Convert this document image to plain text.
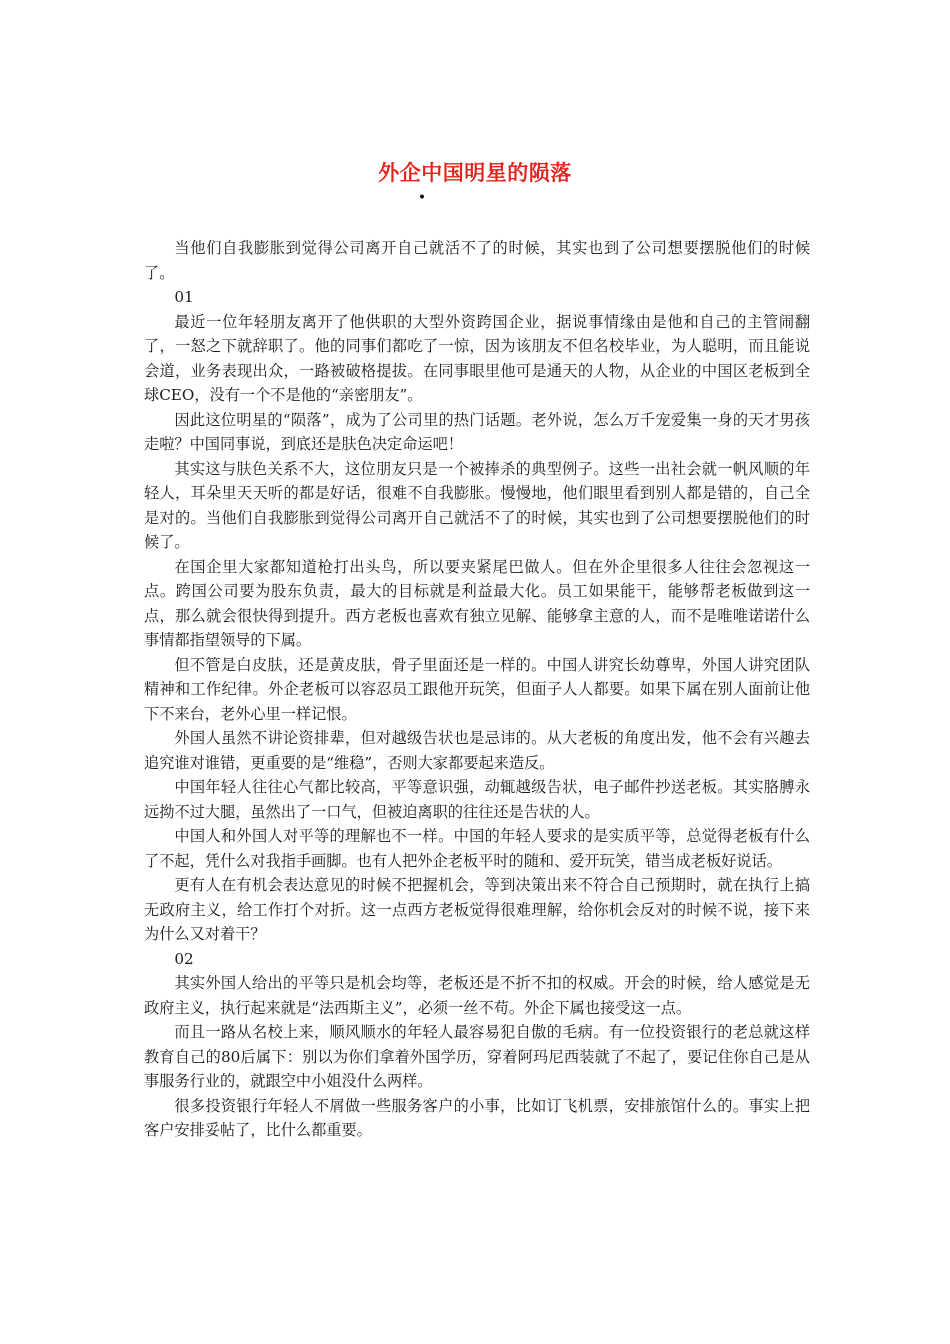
外企中国明星的陨落
•

当他们自我膨胀到觉得公司离开自己就活不了的时候，其实也到了公司想要摆脱他们的时候了。

01

最近一位年轻朋友离开了他供职的大型外资跨国企业，据说事情缘由是他和自己的主管闹翻了，一怒之下就辞职了。他的同事们都吃了一惊，因为该朋友不但名校毕业，为人聪明，而且能说会道，业务表现出众，一路被破格提拔。在同事眼里他可是通天的人物，从企业的中国区老板到全球CEO，没有一个不是他的“亲密朋友”。

因此这位明星的“陨落”，成为了公司里的热门话题。老外说，怎么万千宠爱集一身的天才男孩走啦？中国同事说，到底还是肤色决定命运吧！

其实这与肤色关系不大，这位朋友只是一个被捧杀的典型例子。这些一出社会就一帆风顺的年轻人，耳朵里天天听的都是好话，很难不自我膨胀。慢慢地，他们眼里看到别人都是错的，自己全是对的。当他们自我膨胀到觉得公司离开自己就活不了的时候，其实也到了公司想要摆脱他们的时候了。

在国企里大家都知道枪打出头鸟，所以要夹紧尾巴做人。但在外企里很多人往往会忽视这一点。跨国公司要为股东负责，最大的目标就是利益最大化。员工如果能干，能够帮老板做到这一点，那么就会很快得到提升。西方老板也喜欢有独立见解、能够拿主意的人，而不是唯唯诺诺什么事情都指望领导的下属。

但不管是白皮肤，还是黄皮肤，骨子里面还是一样的。中国人讲究长幼尊卑，外国人讲究团队精神和工作纪律。外企老板可以容忍员工跟他开玩笑，但面子人人都要。如果下属在别人面前让他下不来台，老外心里一样记恨。

外国人虽然不讲论资排辈，但对越级告状也是忌讳的。从大老板的角度出发，他不会有兴趣去追究谁对谁错，更重要的是“维稳”，否则大家都要起来造反。

中国年轻人往往心气都比较高，平等意识强，动辄越级告状，电子邮件抄送老板。其实胳膊永远拗不过大腿，虽然出了一口气，但被迫离职的往往还是告状的人。

中国人和外国人对平等的理解也不一样。中国的年轻人要求的是实质平等，总觉得老板有什么了不起，凭什么对我指手画脚。也有人把外企老板平时的随和、爱开玩笑，错当成老板好说话。

更有人在有机会表达意见的时候不把握机会，等到决策出来不符合自己预期时，就在执行上搞无政府主义，给工作打个对折。这一点西方老板觉得很难理解，给你机会反对的时候不说，接下来为什么又对着干？

02

其实外国人给出的平等只是机会均等，老板还是不折不扣的权威。开会的时候，给人感觉是无政府主义，执行起来就是“法西斯主义”，必须一丝不苟。外企下属也接受这一点。

而且一路从名校上来，顺风顺水的年轻人最容易犯自傲的毛病。有一位投资银行的老总就这样教育自己的80后属下：别以为你们拿着外国学历，穿着阿玛尼西装就了不起了，要记住你自己是从事服务行业的，就跟空中小姐没什么两样。

很多投资银行年轻人不屑做一些服务客户的小事，比如订飞机票，安排旅馆什么的。事实上把客户安排妥帖了，比什么都重要。
